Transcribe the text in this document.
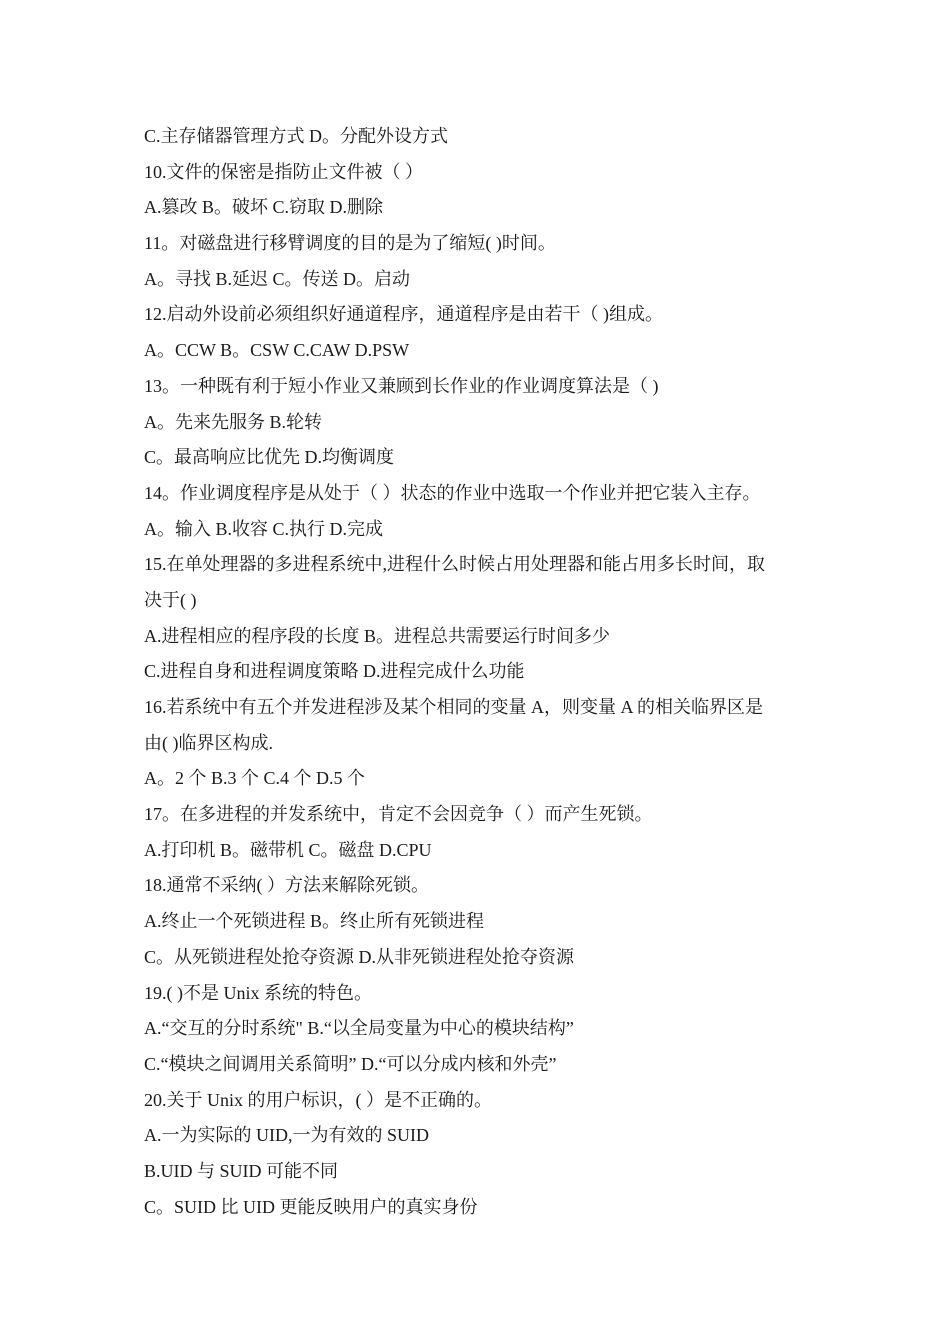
C.主存储器管理方式 D。分配外设方式
10.文件的保密是指防止文件被（ ）
A.篡改 B。破坏 C.窃取 D.删除
11。对磁盘进行移臂调度的目的是为了缩短( )时间。
A。寻找 B.延迟 C。传送 D。启动
12.启动外设前必须组织好通道程序，通道程序是由若干（ )组成。
A。CCW B。CSW C.CAW D.PSW
13。一种既有利于短小作业又兼顾到长作业的作业调度算法是（ )
A。先来先服务 B.轮转
C。最高响应比优先 D.均衡调度
14。作业调度程序是从处于（ ）状态的作业中选取一个作业并把它装入主存。
A。输入 B.收容 C.执行 D.完成
15.在单处理器的多进程系统中,进程什么时候占用处理器和能占用多长时间，取
决于( )
A.进程相应的程序段的长度 B。进程总共需要运行时间多少
C.进程自身和进程调度策略 D.进程完成什么功能
16.若系统中有五个并发进程涉及某个相同的变量 A，则变量 A 的相关临界区是
由( )临界区构成.
A。2 个 B.3 个 C.4 个 D.5 个
17。在多进程的并发系统中，肯定不会因竞争（ ）而产生死锁。
A.打印机 B。磁带机 C。磁盘 D.CPU
18.通常不采纳( ）方法来解除死锁。
A.终止一个死锁进程 B。终止所有死锁进程
C。从死锁进程处抢夺资源 D.从非死锁进程处抢夺资源
19.( )不是 Unix 系统的特色。
A.“交互的分时系统" B.“以全局变量为中心的模块结构”
C.“模块之间调用关系简明” D.“可以分成内核和外壳”
20.关于 Unix 的用户标识，( ）是不正确的。
A.一为实际的 UID,一为有效的 SUID
B.UID 与 SUID 可能不同
C。SUID 比 UID 更能反映用户的真实身份
